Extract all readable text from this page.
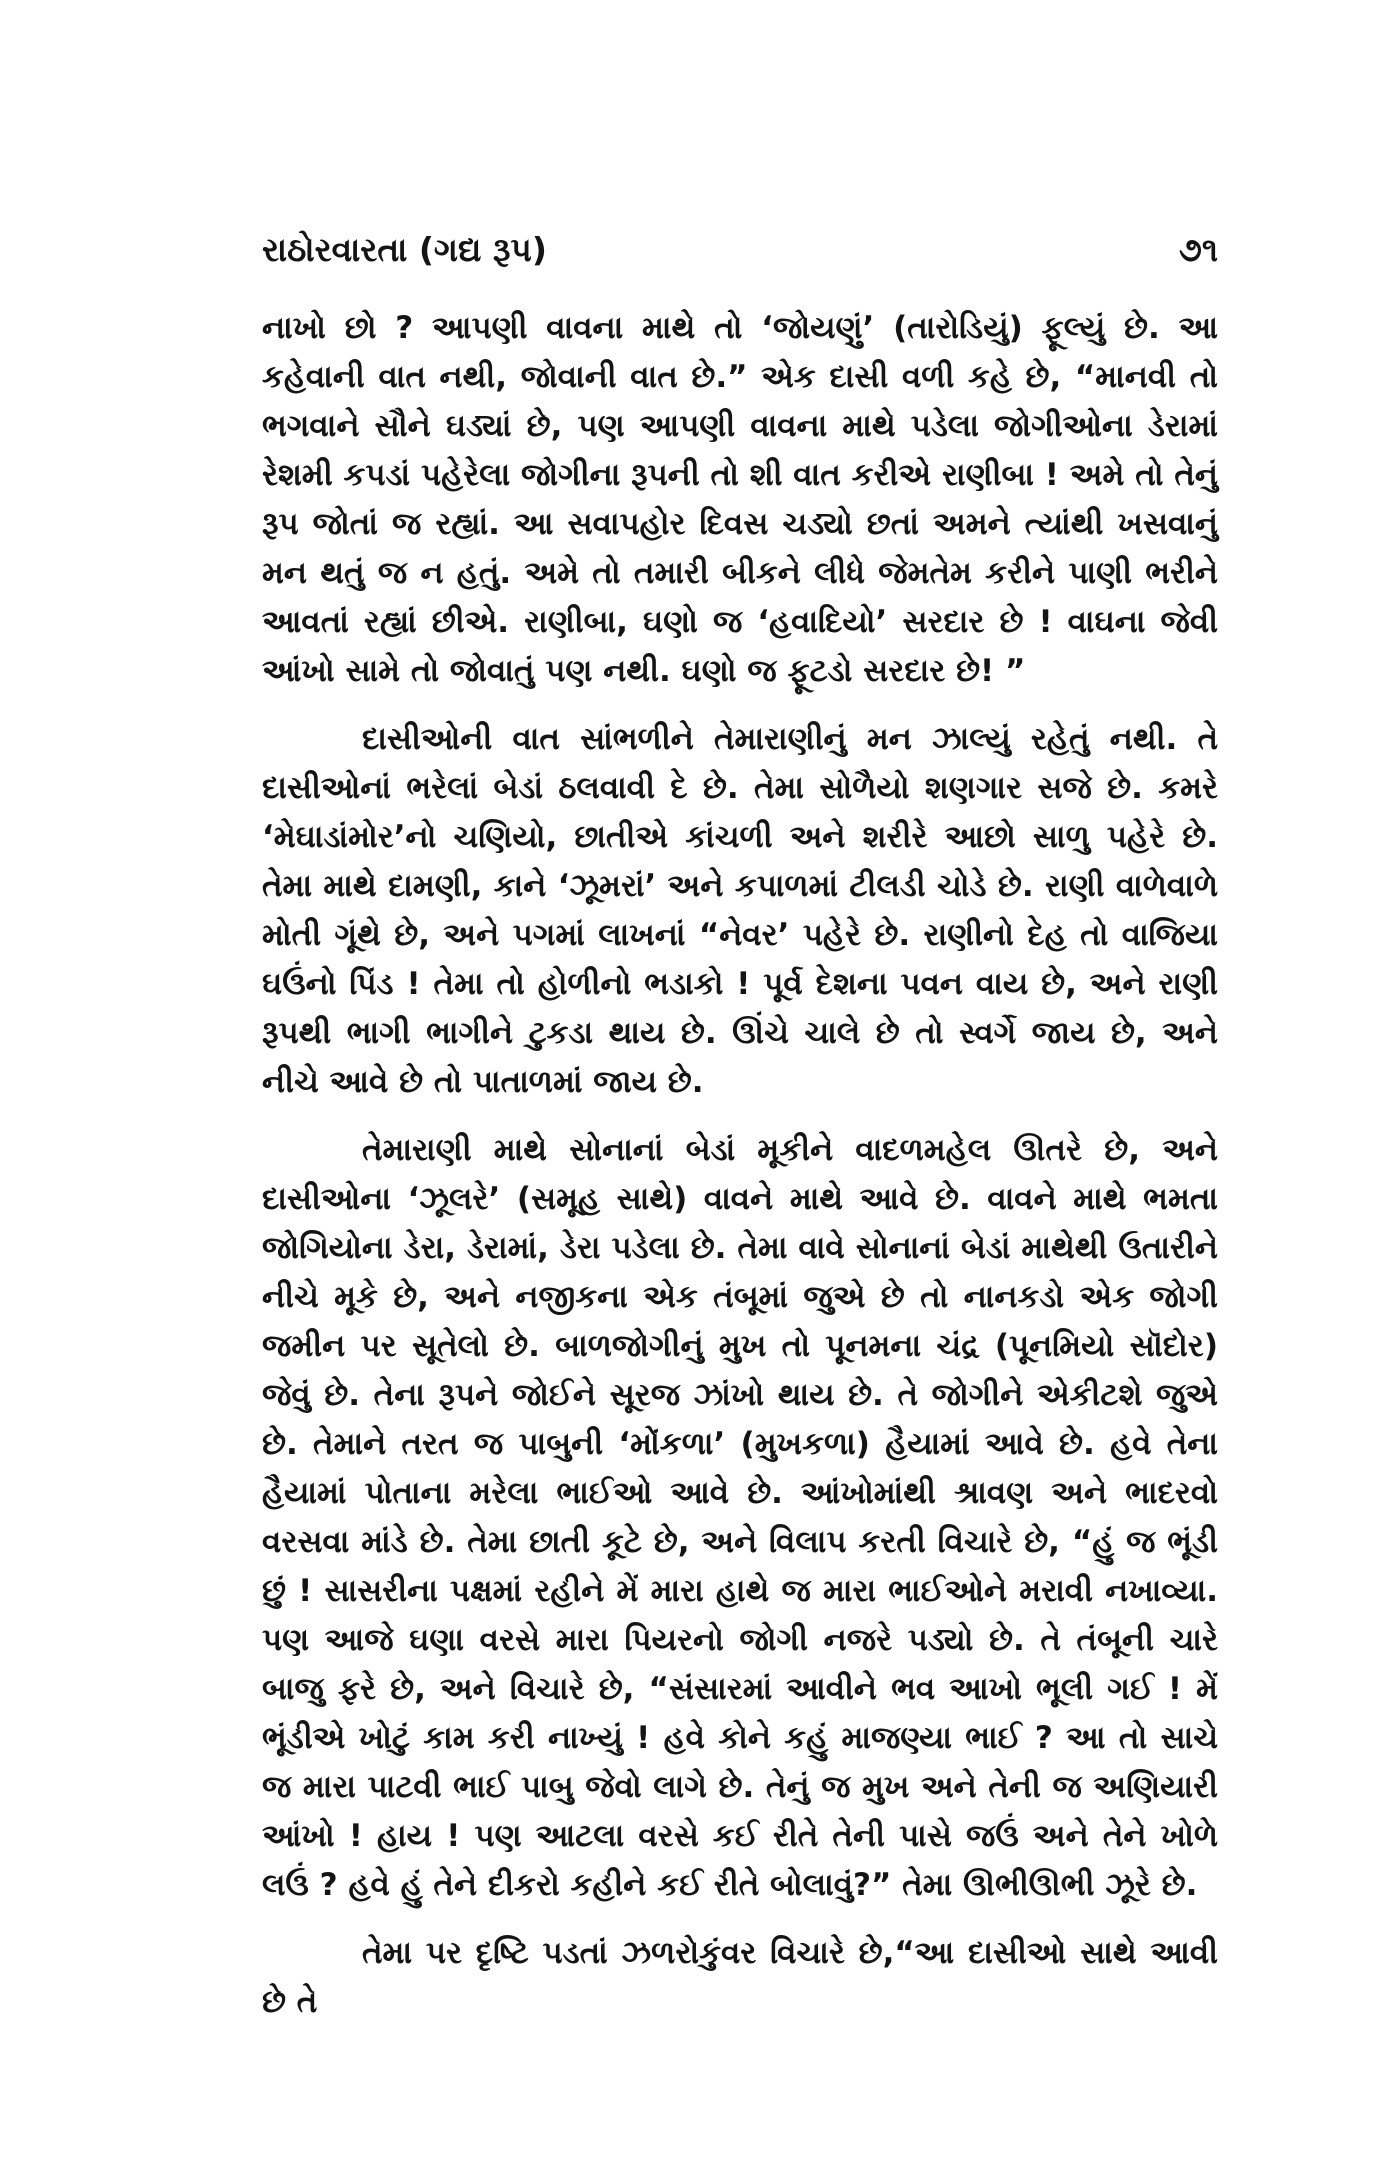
રાઠોરવારતા (ગદ્ય રૂપ)	૭૧

નાખો છો ? આપણી વાવના માથે તો ‘જોયણું’ (તારોડિયું) ફૂલ્યું છે. આ કહેવાની વાત નથી, જોવાની વાત છે.” એક દાસી વળી કહે છે, “માનવી તો ભગવાને સૌને ઘડ્યાં છે, પણ આપણી વાવના માથે પડેલા જોગીઓના ડેરામાં રેશમી કપડાં પહેરેલા જોગીના રૂપની તો શી વાત કરીએ રાણીબા ! અમે તો તેનું રૂપ જોતાં જ રહ્યાં. આ સવાપહોર દિવસ ચડ્યો છતાં અમને ત્યાંથી ખસવાનું મન થતું જ ન હતું. અમે તો તમારી બીકને લીધે જેમતેમ કરીને પાણી ભરીને આવતાં રહ્યાં છીએ. રાણીબા, ઘણો જ ‘હવાદિયો’ સરદાર છે ! વાઘના જેવી આંખો સામે તો જોવાતું પણ નથી. ઘણો જ ફૂટડો સરદાર છે! ”

દાસીઓની વાત સાંભળીને તેમારાણીનું મન ઝાલ્યું રહેતું નથી. તે દાસીઓનાં ભરેલાં બેડાં ઠલવાવી દે છે. તેમા સોળૈયો શણગાર સજે છે. કમરે ‘મેઘાડાંમોર’નો ચણિયો, છાતીએ કાંચળી અને શરીરે આછો સાળુ પહેરે છે. તેમા માથે દામણી, કાને ‘ઝૂમરાં’ અને કપાળમાં ટીલડી ચોડે છે. રાણી વાળેવાળે મોતી ગૂંથે છે, અને પગમાં લાખનાં “નેવર’ પહેરે છે. રાણીનો દેહ તો વાજિયા ઘઉંનો પિંડ ! તેમા તો હોળીનો ભડાકો ! પૂર્વ દેશના પવન વાય છે, અને રાણી રૂપથી ભાગી ભાગીને ટુકડા થાય છે. ઊંચે ચાલે છે તો સ્વર્ગે જાય છે, અને નીચે આવે છે તો પાતાળમાં જાય છે.

તેમારાણી માથે સોનાનાં બેડાં મૂકીને વાદળમહેલ ઊતરે છે, અને દાસીઓના ‘ઝૂલરે’ (સમૂહ સાથે) વાવને માથે આવે છે. વાવને માથે ભમતા જોગિયોના ડેરા, ડેરામાં, ડેરા પડેલા છે. તેમા વાવે સોનાનાં બેડાં માથેથી ઉતારીને નીચે મૂકે છે, અને નજીકના એક તંબૂમાં જુએ છે તો નાનકડો એક જોગી જમીન પર સૂતેલો છે. બાળજોગીનું મુખ તો પૂનમના ચંદ્ર (પૂનમિયો સૉદોર) જેવું છે. તેના રૂપને જોઈને સૂરજ ઝાંખો થાય છે. તે જોગીને એકીટશે જુએ છે. તેમાને તરત જ પાબુની ‘મોંકળા’ (મુખકળા) હૈયામાં આવે છે. હવે તેના હૈયામાં પોતાના મરેલા ભાઈઓ આવે છે. આંખોમાંથી શ્રાવણ અને ભાદરવો વરસવા માંડે છે. તેમા છાતી કૂટે છે, અને વિલાપ કરતી વિચારે છે, “હું જ ભૂંડી છું ! સાસરીના પક્ષમાં રહીને મેં મારા હાથે જ મારા ભાઈઓને મરાવી નખાવ્યા. પણ આજે ઘણા વરસે મારા પિયરનો જોગી નજરે પડ્યો છે. તે તંબૂની ચારે બાજુ ફરે છે, અને વિચારે છે, “સંસારમાં આવીને ભવ આખો ભૂલી ગઈ ! મેં ભૂંડીએ ખોટું કામ કરી નાખ્યું ! હવે કોને કહું માજણ્યા ભાઈ ? આ તો સાચે જ મારા પાટવી ભાઈ પાબુ જેવો લાગે છે. તેનું જ મુખ અને તેની જ અણિયારી આંખો ! હાય ! પણ આટલા વરસે કઈ રીતે તેની પાસે જઉં અને તેને ખોળે લઉં ? હવે હું તેને દીકરો કહીને કઈ રીતે બોલાવું?” તેમા ઊભીઊભી ઝૂરે છે.

તેમા પર દૃષ્ટિ પડતાં ઝળરોકુંવર વિચારે છે,“આ દાસીઓ સાથે આવી છે તે
